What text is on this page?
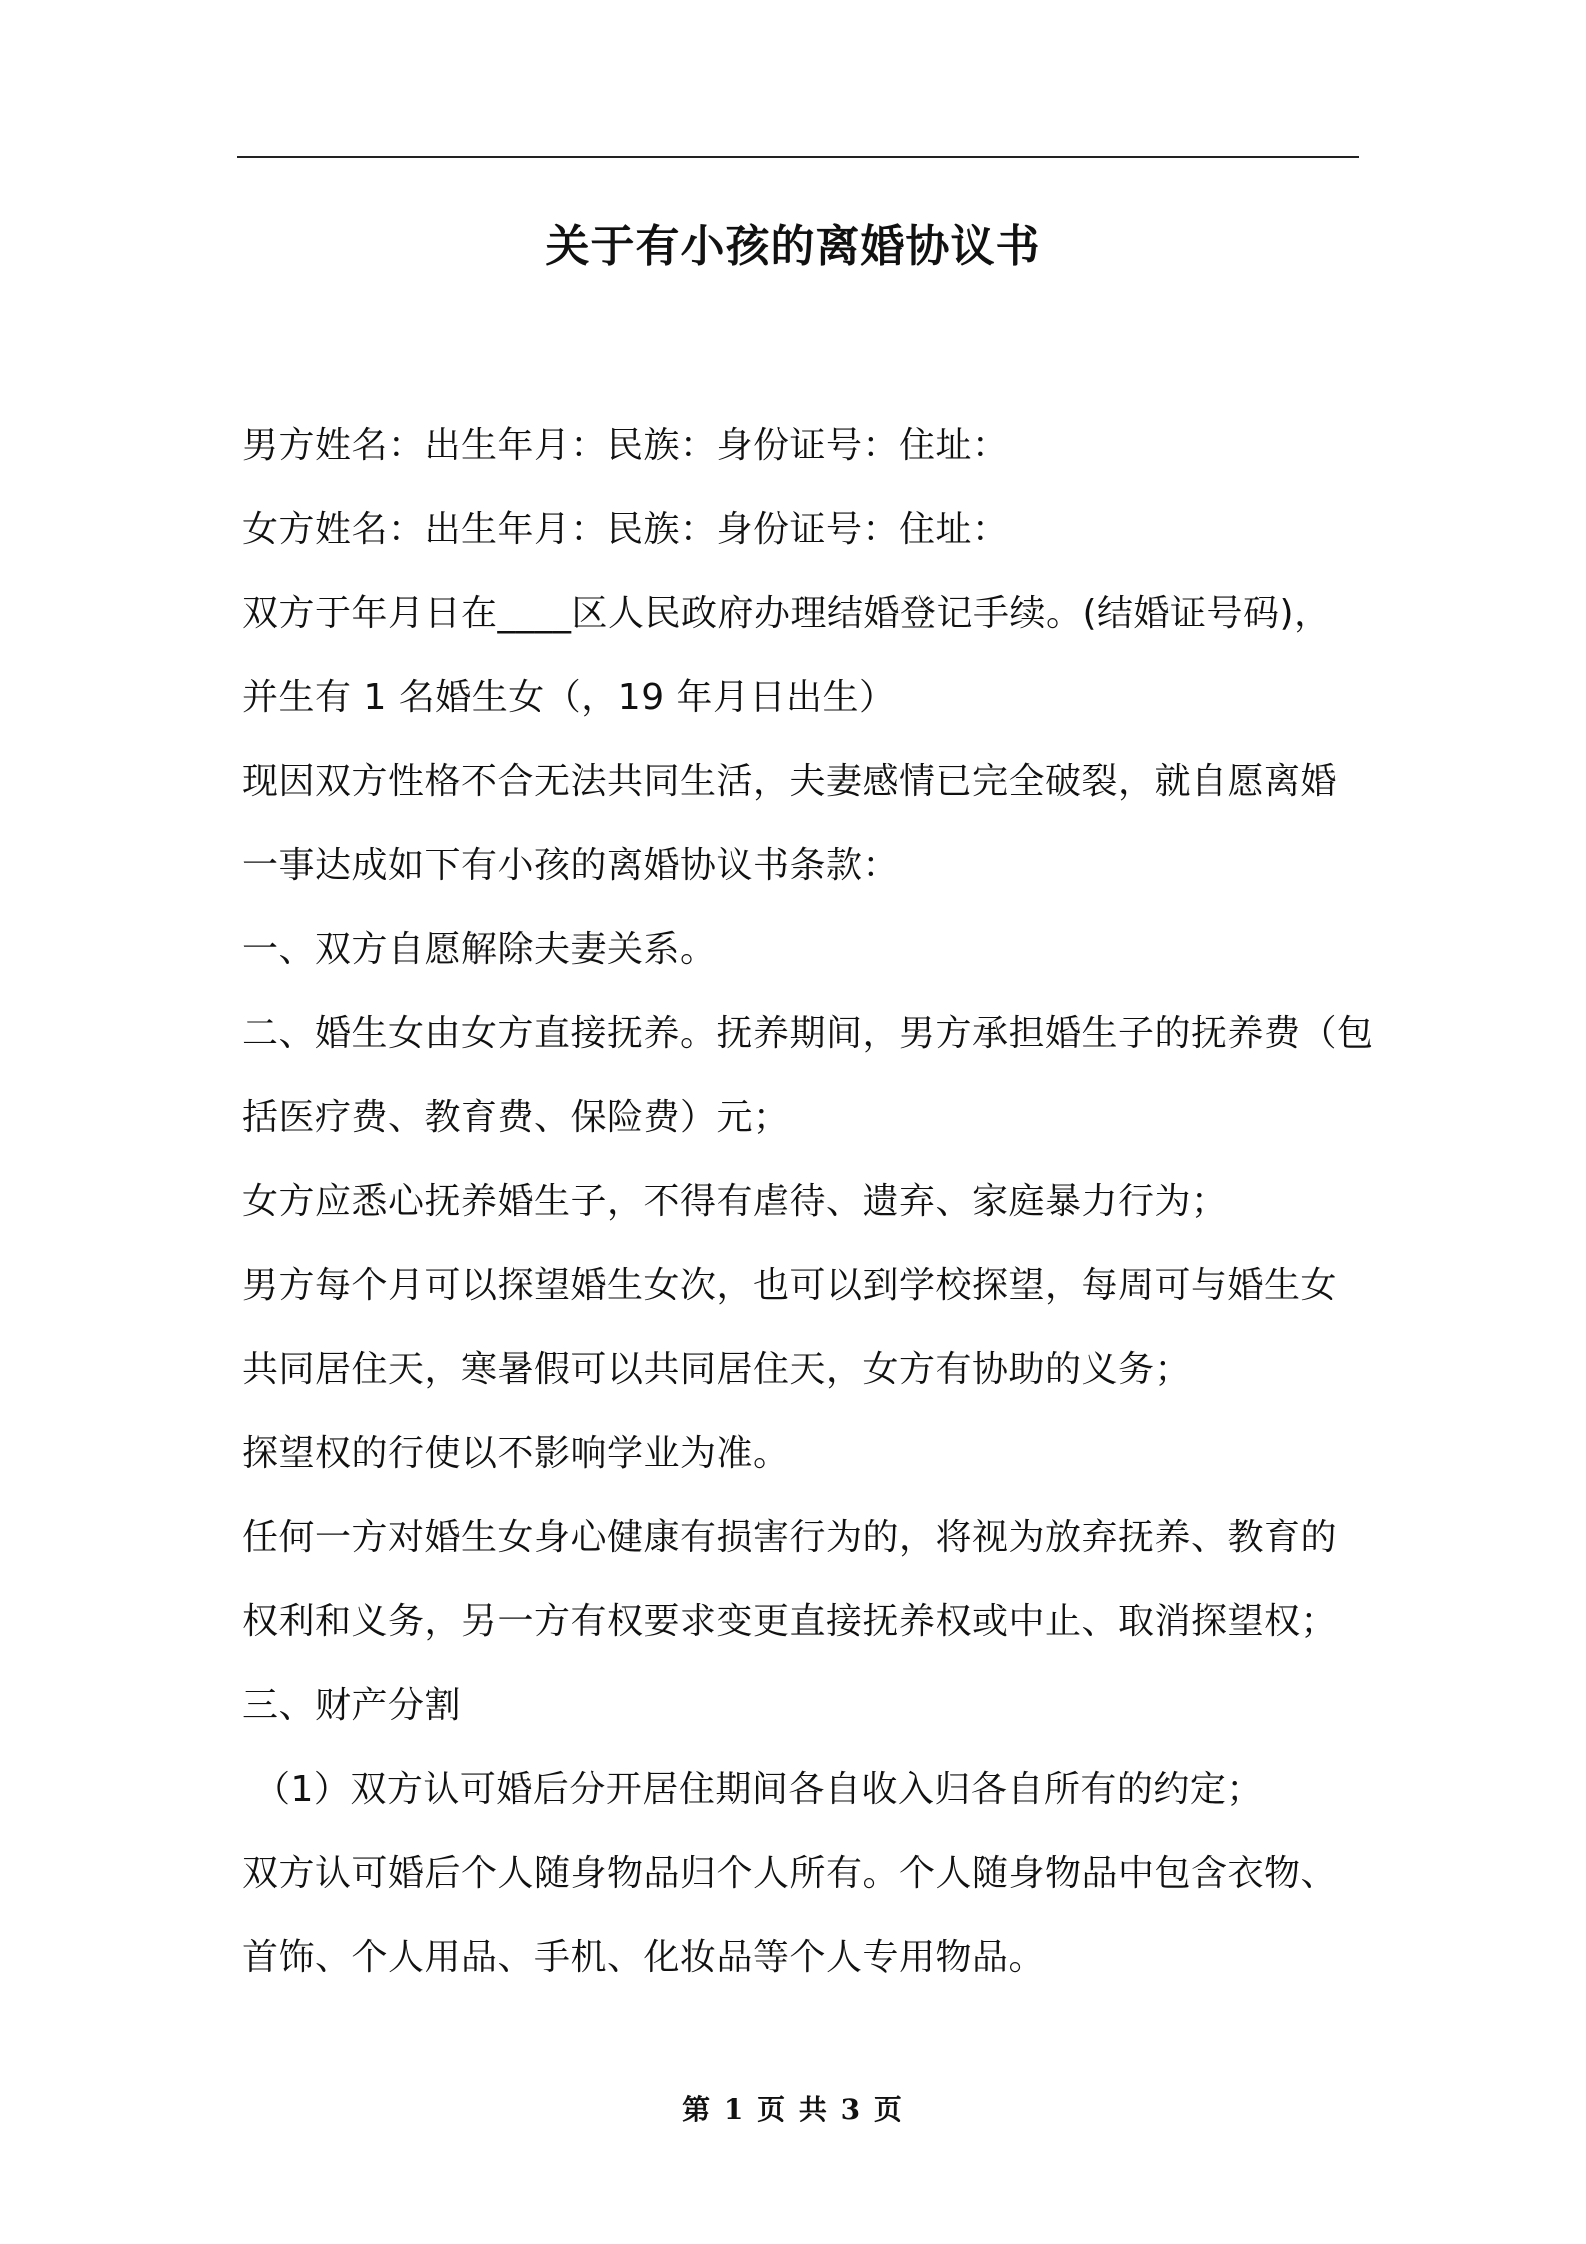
关于有小孩的离婚协议书
男方姓名：出生年月：民族：身份证号：住址：
女方姓名：出生年月：民族：身份证号：住址：
双方于年月日在____区人民政府办理结婚登记手续。(结婚证号码)，
并生有 1 名婚生女（，19 年月日出生）
现因双方性格不合无法共同生活，夫妻感情已完全破裂，就自愿离婚
一事达成如下有小孩的离婚协议书条款：
一、双方自愿解除夫妻关系。
二、婚生女由女方直接抚养。抚养期间，男方承担婚生子的抚养费（包
括医疗费、教育费、保险费）元；
女方应悉心抚养婚生子，不得有虐待、遗弃、家庭暴力行为；
男方每个月可以探望婚生女次，也可以到学校探望，每周可与婚生女
共同居住天，寒暑假可以共同居住天，女方有协助的义务；
探望权的行使以不影响学业为准。
任何一方对婚生女身心健康有损害行为的，将视为放弃抚养、教育的
权利和义务，另一方有权要求变更直接抚养权或中止、取消探望权；
三、财产分割
（1）双方认可婚后分开居住期间各自收入归各自所有的约定；
双方认可婚后个人随身物品归个人所有。个人随身物品中包含衣物、
首饰、个人用品、手机、化妆品等个人专用物品。
第 1 页 共 3 页
